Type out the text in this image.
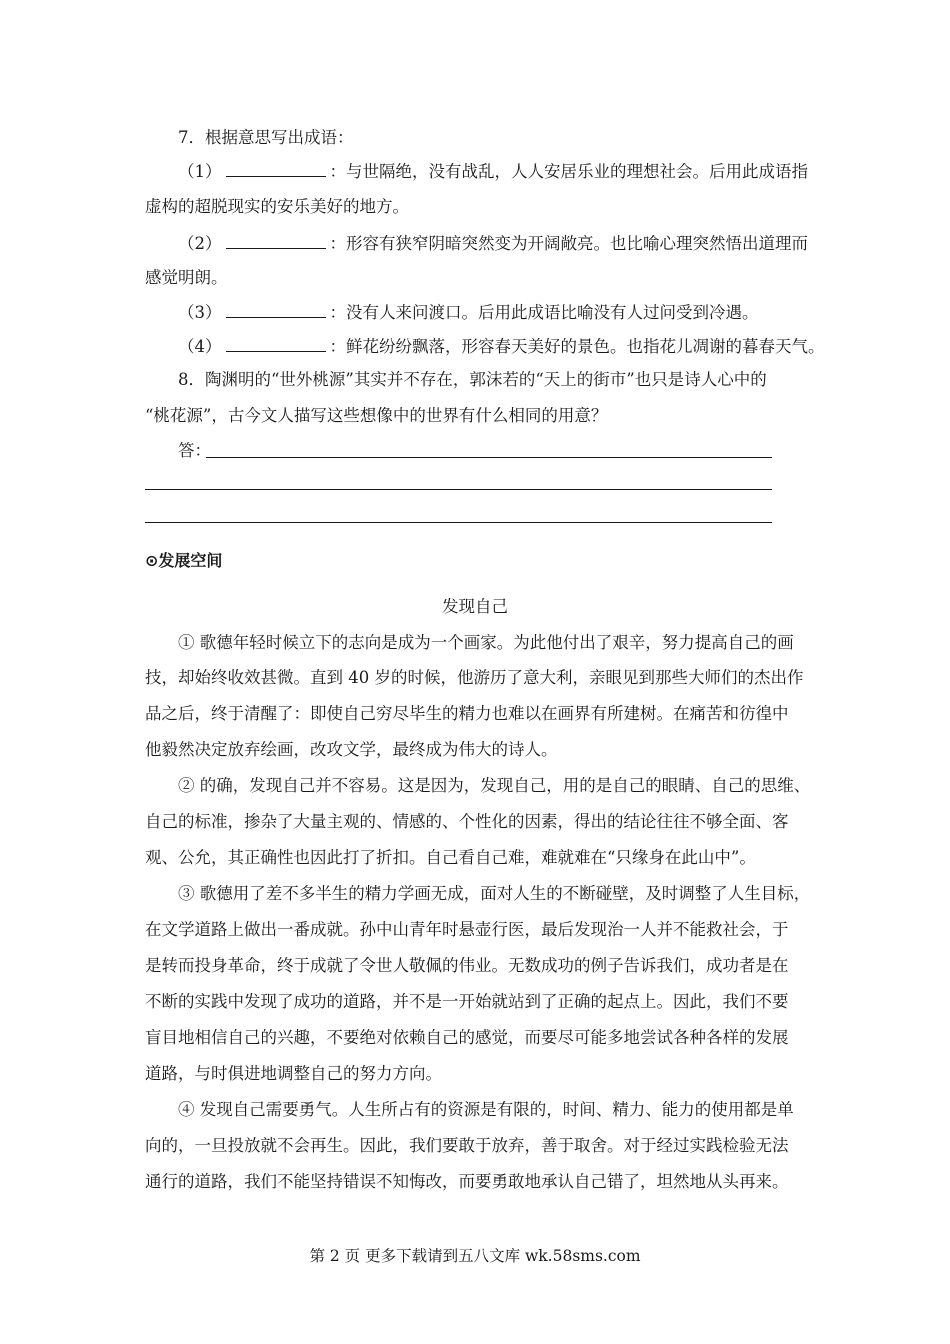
7．根据意思写出成语：
（1）	：与世隔绝，没有战乱，人人安居乐业的理想社会。后用此成语指
虚构的超脱现实的安乐美好的地方。
（2）	：形容有狭窄阴暗突然变为开阔敞亮。也比喻心理突然悟出道理而
感觉明朗。
（3）	：没有人来问渡口。后用此成语比喻没有人过问受到冷遇。
（4）	：鲜花纷纷飘落，形容春天美好的景色。也指花儿凋谢的暮春天气。
8．陶渊明的“世外桃源”其实并不存在，郭沫若的“天上的街市”也只是诗人心中的
“桃花源”，古今文人描写这些想像中的世界有什么相同的用意？
答：
⊙发展空间
发现自己
① 歌德年轻时候立下的志向是成为一个画家。为此他付出了艰辛，努力提高自己的画
技，却始终收效甚微。直到 40 岁的时候，他游历了意大利，亲眼见到那些大师们的杰出作
品之后，终于清醒了：即使自己穷尽毕生的精力也难以在画界有所建树。在痛苦和彷徨中
他毅然决定放弃绘画，改攻文学，最终成为伟大的诗人。
② 的确，发现自己并不容易。这是因为，发现自己，用的是自己的眼睛、自己的思维、
自己的标准，掺杂了大量主观的、情感的、个性化的因素，得出的结论往往不够全面、客
观、公允，其正确性也因此打了折扣。自己看自己难，难就难在“只缘身在此山中”。
③ 歌德用了差不多半生的精力学画无成，面对人生的不断碰壁，及时调整了人生目标，
在文学道路上做出一番成就。孙中山青年时悬壶行医，最后发现治一人并不能救社会，于
是转而投身革命，终于成就了令世人敬佩的伟业。无数成功的例子告诉我们，成功者是在
不断的实践中发现了成功的道路，并不是一开始就站到了正确的起点上。因此，我们不要
盲目地相信自己的兴趣，不要绝对依赖自己的感觉，而要尽可能多地尝试各种各样的发展
道路，与时俱进地调整自己的努力方向。
④ 发现自己需要勇气。人生所占有的资源是有限的，时间、精力、能力的使用都是单
向的，一旦投放就不会再生。因此，我们要敢于放弃，善于取舍。对于经过实践检验无法
通行的道路，我们不能坚持错误不知悔改，而要勇敢地承认自己错了，坦然地从头再来。
第 2 页 更多下载请到五八文库 wk.58sms.com
